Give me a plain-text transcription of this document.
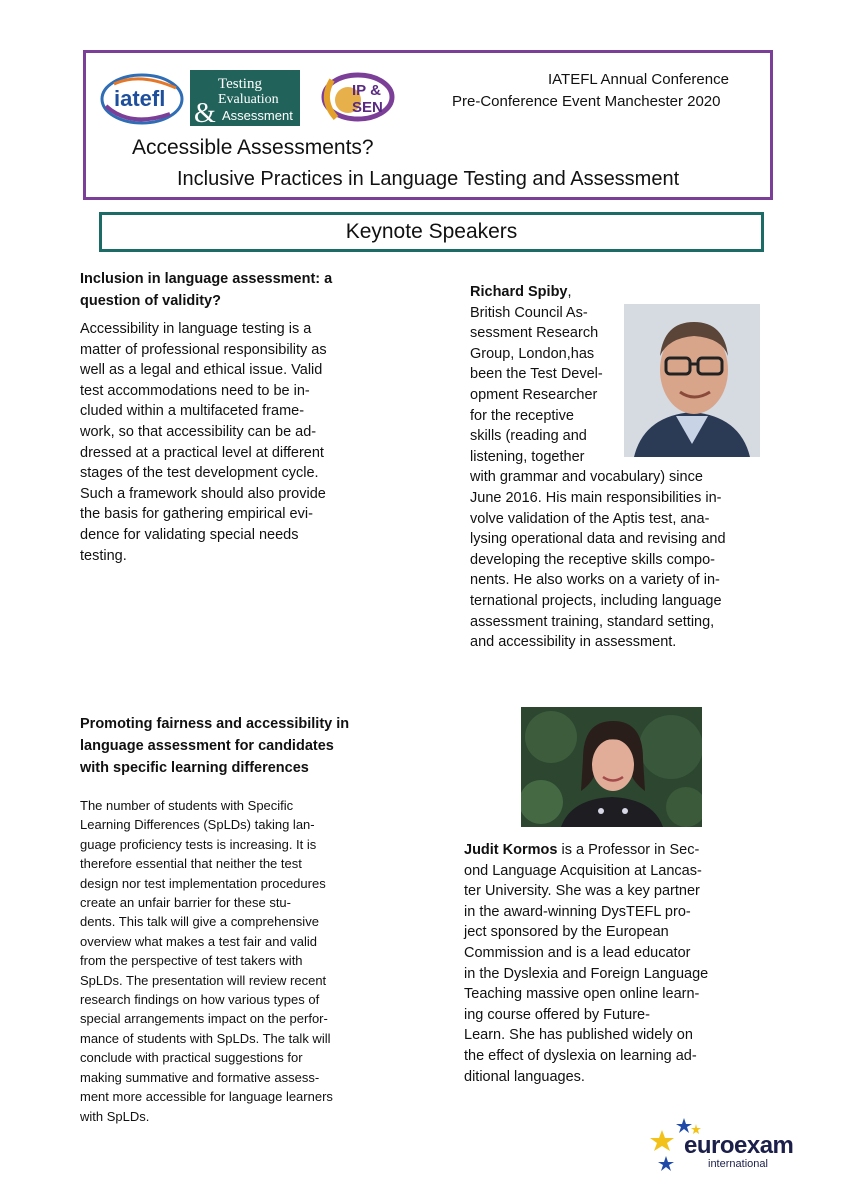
iatefl &
Testing
Evaluation
Assessment
IP & SEN
IATEFL Annual Conference
Pre-Conference Event Manchester 2020
Accessible Assessments?
Inclusive Practices in Language Testing and Assessment
Keynote Speakers
Inclusion in language assessment: a
question of validity?
Accessibility in language testing is a
matter of professional responsibility as
well as a legal and ethical issue. Valid
test accommodations need to be in-
cluded within a multifaceted frame-
work, so that accessibility can be ad-
dressed at a practical level at different
stages of the test development cycle.
Such a framework should also provide
the basis for gathering empirical evi-
dence for validating special needs
testing.
Richard Spiby,
British Council As-
sessment Research
Group, London,has
been the Test Devel-
opment Researcher
for the receptive
skills (reading and
listening, together
with grammar and vocabulary) since
June 2016. His main responsibilities in-
volve validation of the Aptis test, ana-
lysing operational data and revising and
developing the receptive skills compo-
nents. He also works on a variety of in-
ternational projects, including language
assessment training, standard setting,
and accessibility in assessment.
Promoting fairness and accessibility in
language assessment for candidates
with specific learning differences
The number of students with Specific
Learning Differences (SpLDs) taking lan-
guage proficiency tests is increasing. It is
therefore essential that neither the test
design nor test implementation procedures
create an unfair barrier for these stu-
dents. This talk will give a comprehensive
overview what makes a test fair and valid
from the perspective of test takers with
SpLDs. The presentation will review recent
research findings on how various types of
special arrangements impact on the perfor-
mance of students with SpLDs. The talk will
conclude with practical suggestions for
making summative and formative assess-
ment more accessible for language learners
with SpLDs.
Judit Kormos is a Professor in Sec-
ond Language Acquisition at Lancas-
ter University. She was a key partner
in the award-winning DysTEFL pro-
ject sponsored by the European
Commission and is a lead educator
in the Dyslexia and Foreign Language
Teaching massive open online learn-
ing course offered by Future-
Learn. She has published widely on
the effect of dyslexia on learning ad-
ditional languages.
euroexam
international
